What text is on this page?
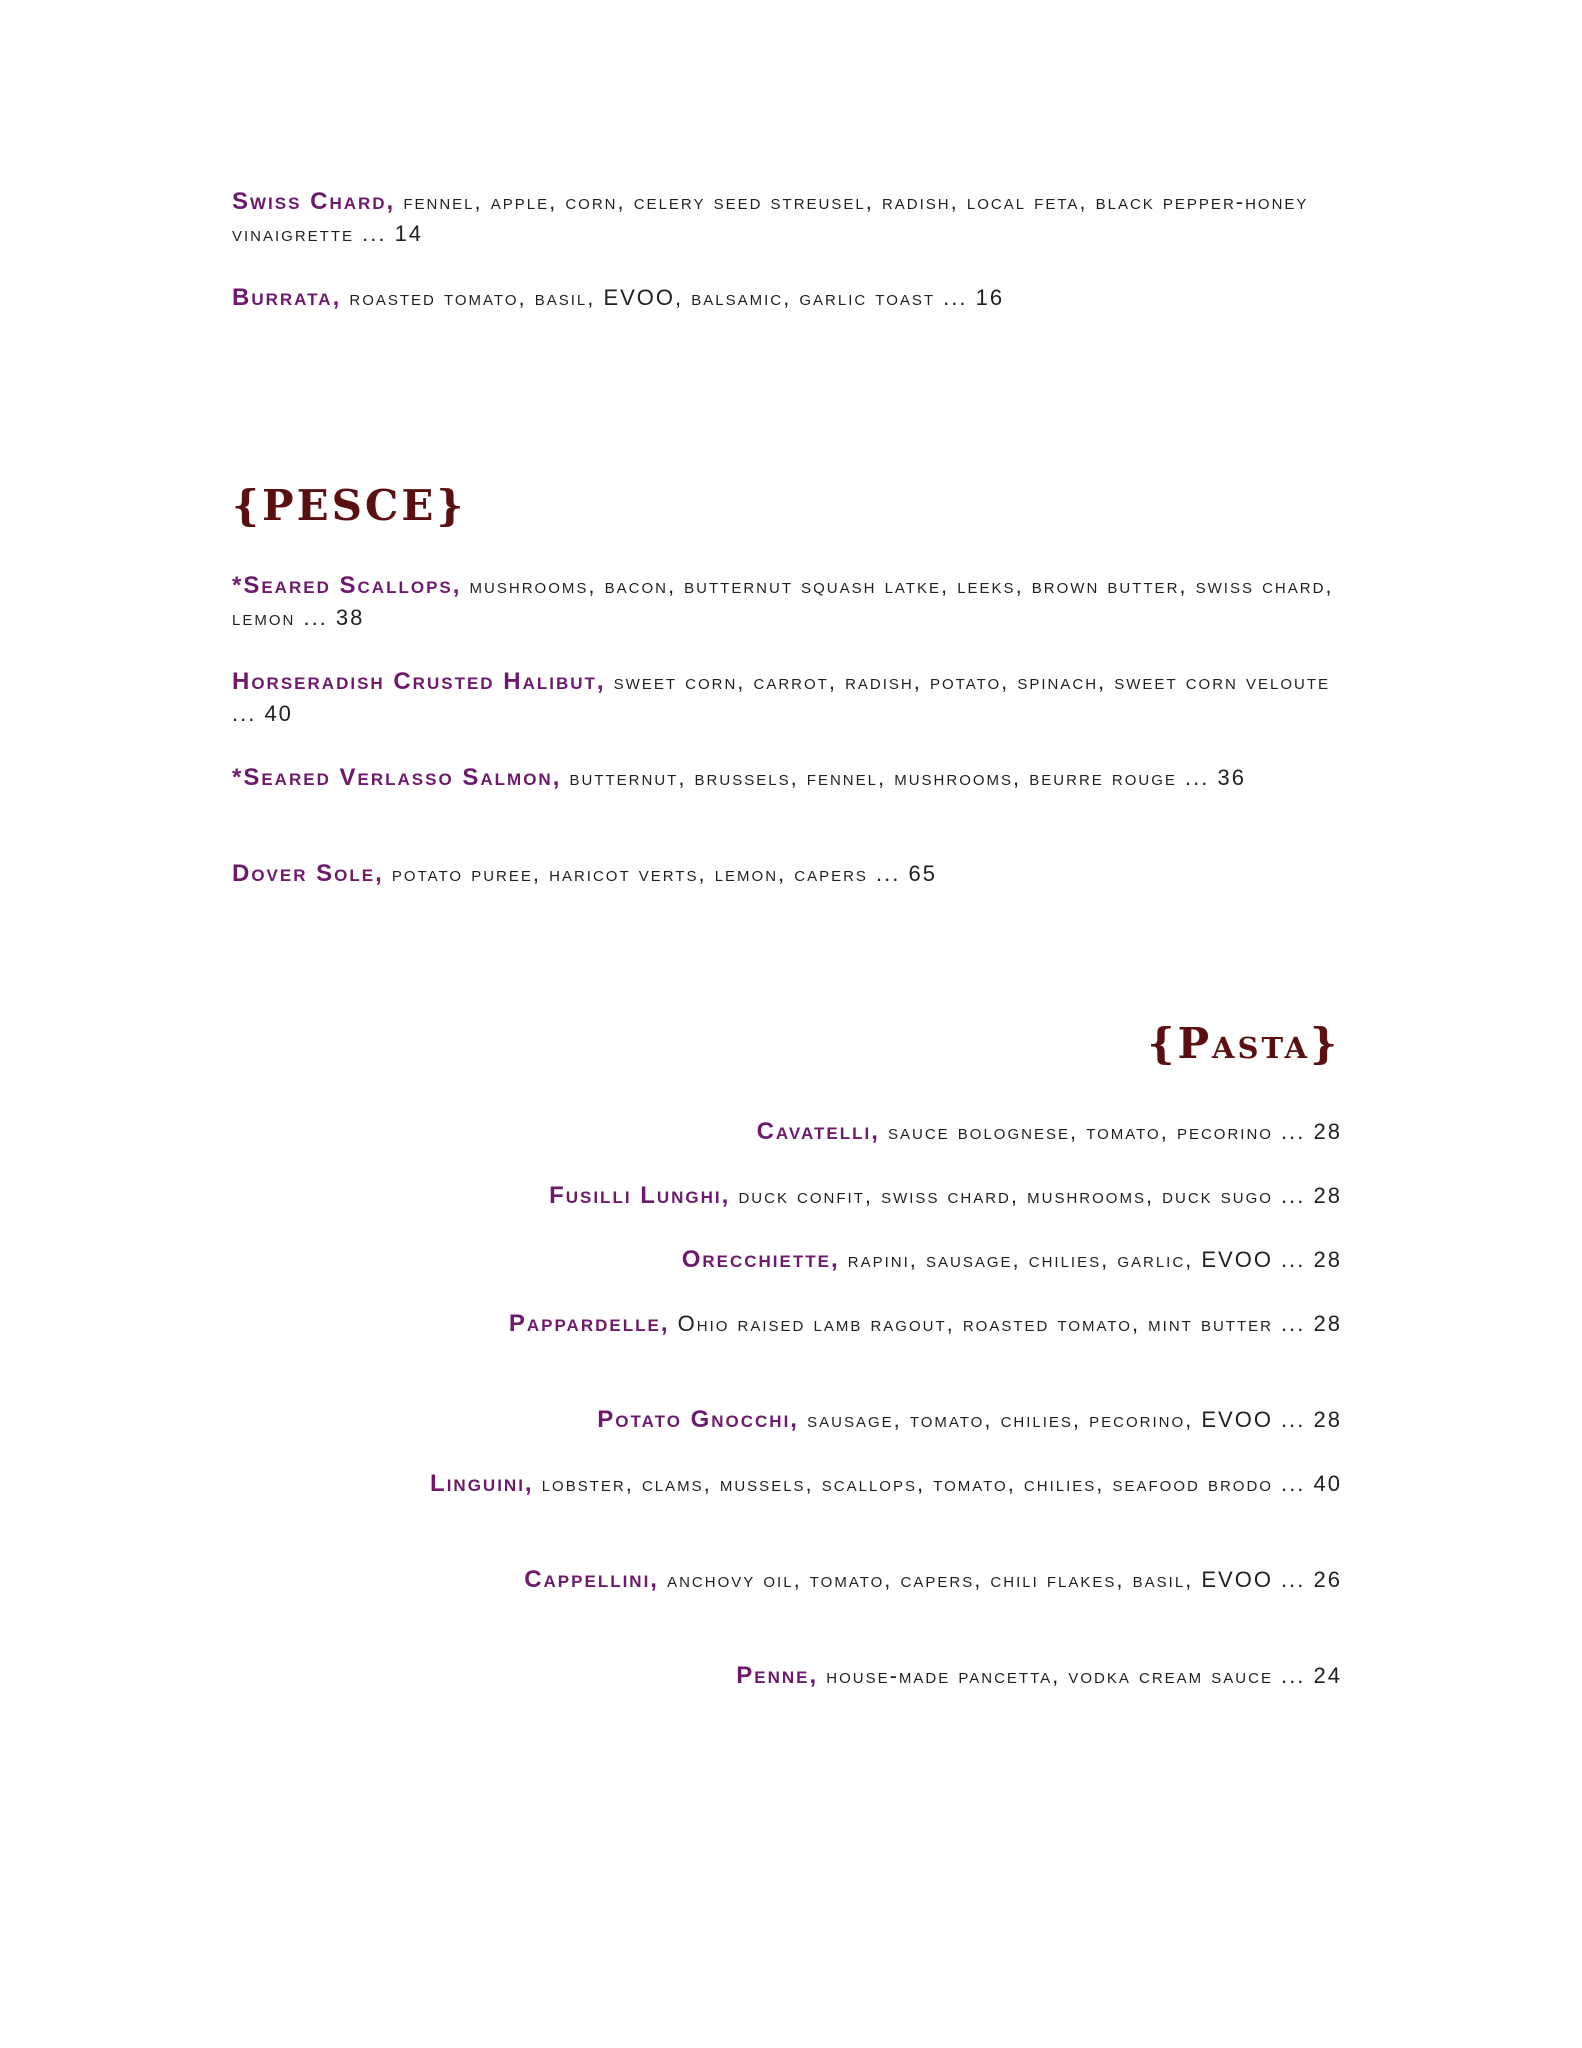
Swiss Chard, fennel, apple, corn, celery seed streusel, radish, local feta, black pepper-honey vinaigrette ... 14
Burrata, roasted tomato, basil, EVOO, balsamic, garlic toast ... 16
{PESCE}
*Seared Scallops, mushrooms, bacon, butternut squash latke, leeks, brown butter, swiss chard, lemon ... 38
Horseradish Crusted Halibut, sweet corn, carrot, radish, potato, spinach, sweet corn veloute ... 40
*Seared Verlasso Salmon, butternut, brussels, fennel, mushrooms, beurre rouge ... 36
Dover Sole, potato puree, haricot verts, lemon, capers ... 65
{Pasta}
Cavatelli, sauce bolognese, tomato, pecorino ... 28
Fusilli Lunghi, duck confit, swiss chard, mushrooms, duck sugo ... 28
Orecchiette, rapini, sausage, chilies, garlic, EVOO ... 28
Pappardelle, Ohio raised lamb ragout, roasted tomato, mint butter ... 28
Potato Gnocchi, sausage, tomato, chilies, pecorino, EVOO ... 28
Linguini, lobster, clams, mussels, scallops, tomato, chilies, seafood brodo ... 40
Cappellini, anchovy oil, tomato, capers, chili flakes, basil, EVOO ... 26
Penne, house-made pancetta, vodka cream sauce ... 24
